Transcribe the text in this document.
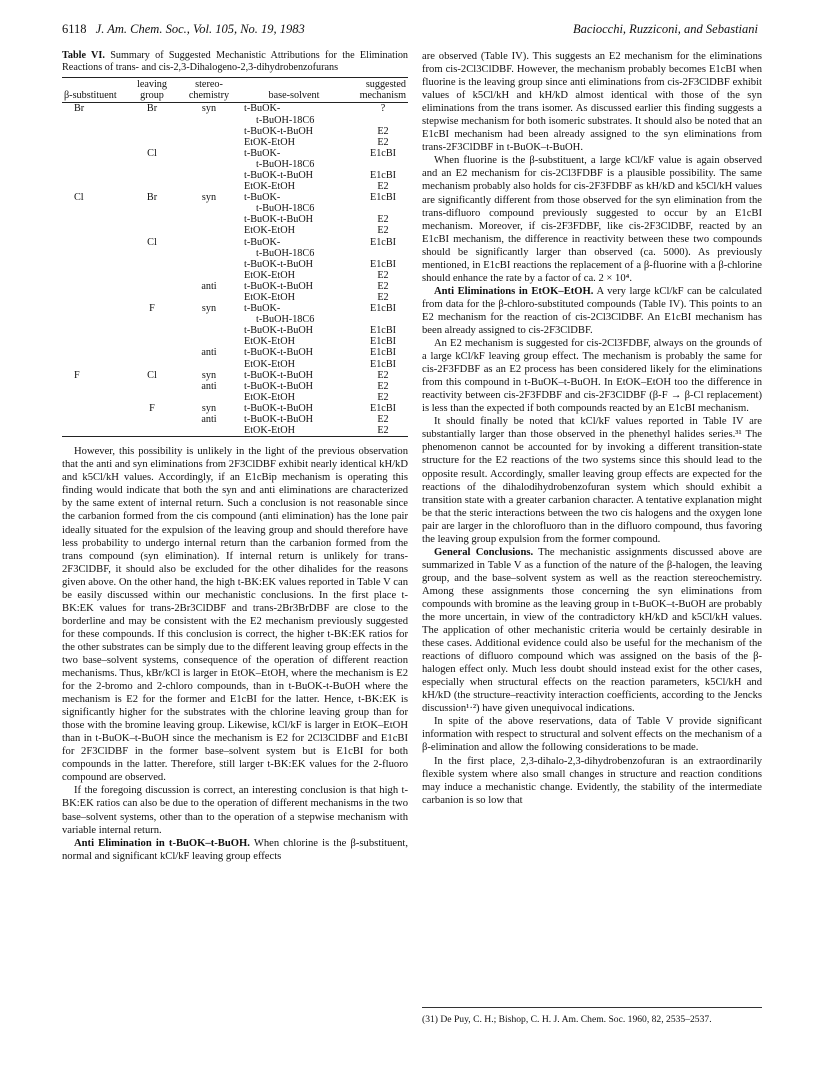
6118 J. Am. Chem. Soc., Vol. 105, No. 19, 1983	Baciocchi, Ruzziconi, and Sebastiani
Table VI. Summary of Suggested Mechanistic Attributions for the Elimination Reactions of trans- and cis-2,3-Dihalogeno-2,3-dihydrobenzofurans
β-substituent	leaving group	stereo-chemistry	base-solvent	suggested mechanism
Br	Br	syn	t-BuOK-	?
			t-BuOH-18C6	
			t-BuOK-t-BuOH	E2
			EtOK-EtOH	E2
	Cl		t-BuOK-	E1cBI
			t-BuOH-18C6	
			t-BuOK-t-BuOH	E1cBI
			EtOK-EtOH	E2
Cl	Br	syn	t-BuOK-	E1cBI
			t-BuOH-18C6	
			t-BuOK-t-BuOH	E2
			EtOK-EtOH	E2
	Cl		t-BuOK-	E1cBI
			t-BuOH-18C6	
			t-BuOK-t-BuOH	E1cBI
			EtOK-EtOH	E2
		anti	t-BuOK-t-BuOH	E2
			EtOK-EtOH	E2
	F	syn	t-BuOK-	E1cBI
			t-BuOH-18C6	
			t-BuOK-t-BuOH	E1cBI
			EtOK-EtOH	E1cBI
		anti	t-BuOK-t-BuOH	E1cBI
			EtOK-EtOH	E1cBI
F	Cl	syn	t-BuOK-t-BuOH	E2
		anti	t-BuOK-t-BuOH	E2
			EtOK-EtOH	E2
	F	syn	t-BuOK-t-BuOH	E1cBI
		anti	t-BuOK-t-BuOH	E2
			EtOK-EtOH	E2

However, this possibility is unlikely in the light of the previous observation that the anti and syn eliminations from 2F3ClDBF exhibit nearly identical kH/kD and k5Cl/kH values. Accordingly, if an E1cBip mechanism is operating this finding would indicate that both the syn and anti eliminations are characterized by the same extent of internal return. Such a conclusion is not reasonable since the carbanion formed from the cis compound (anti elimination) has the lone pair ideally situated for the expulsion of the leaving group and should therefore have less probability to undergo internal return than the carbanion formed from the trans compound (syn elimination). If internal return is unlikely for trans-2F3ClDBF, it should also be excluded for the other dihalides for the reasons given above. On the other hand, the high t-BK:EK values reported in Table V can be easily discussed within our mechanistic conclusions. In the first place t-BK:EK values for trans-2Br3ClDBF and trans-2Br3BrDBF are close to the borderline and may be consistent with the E2 mechanism previously suggested for these compounds. If this conclusion is correct, the higher t-BK:EK ratios for the other substrates can be simply due to the different leaving group effects in the two base–solvent systems, consequence of the operation of different reaction mechanisms. Thus, kBr/kCl is larger in EtOK–EtOH, where the mechanism is E2 for the 2-bromo and 2-chloro compounds, than in t-BuOK-t-BuOH where the mechanism is E2 for the former and E1cBI for the latter. Hence, t-BK:EK is significantly higher for the substrates with the chlorine leaving group than for those with the bromine leaving group. Likewise, kCl/kF is larger in EtOK–EtOH than in t-BuOK–t-BuOH since the mechanism is E2 for 2Cl3ClDBF and E1cBI for 2F3ClDBF in the former base–solvent system but is E1cBI for both compounds in the latter. Therefore, still larger t-BK:EK values for the 2-fluoro compound are observed.

If the foregoing discussion is correct, an interesting conclusion is that high t-BK:EK ratios can also be due to the operation of different mechanisms in the two base–solvent systems, other than to the operation of a stepwise mechanism with variable internal return.

Anti Elimination in t-BuOK–t-BuOH. When chlorine is the β-substituent, normal and significant kCl/kF leaving group effects

are observed (Table IV). This suggests an E2 mechanism for the eliminations from cis-2Cl3ClDBF. However, the mechanism probably becomes E1cBI when fluorine is the leaving group since anti eliminations from cis-2F3ClDBF exhibit values of k5Cl/kH and kH/kD almost identical with those of the syn eliminations from the trans isomer. As discussed earlier this finding suggests a stepwise mechanism for both isomeric substrates. It should also be noted that an E1cBI mechanism had been already assigned to the syn eliminations from trans-2F3ClDBF in t-BuOK–t-BuOH.

When fluorine is the β-substituent, a large kCl/kF value is again observed and an E2 mechanism for cis-2Cl3FDBF is a plausible possibility. The same mechanism probably also holds for cis-2F3FDBF as kH/kD and k5Cl/kH values are significantly different from those observed for the syn elimination from the trans-difluoro compound previously suggested to occur by an E1cBI mechanism. Moreover, if cis-2F3FDBF, like cis-2F3ClDBF, reacted by an E1cBI mechanism, the difference in reactivity between these two compounds should be significantly larger than observed (ca. 5000). As previously mentioned, in E1cBI reactions the replacement of a β-fluorine with a β-chlorine should enhance the rate by a factor of ca. 2 × 10⁴.

Anti Eliminations in EtOK–EtOH. A very large kCl/kF can be calculated from data for the β-chloro-substituted compounds (Table IV). This points to an E2 mechanism for the reaction of cis-2Cl3ClDBF. An E1cBI mechanism has been already assigned to cis-2F3ClDBF.

An E2 mechanism is suggested for cis-2Cl3FDBF, always on the grounds of a large kCl/kF leaving group effect. The mechanism is probably the same for cis-2F3FDBF as an E2 process has been considered likely for the eliminations from this compound in t-BuOK–t-BuOH. In EtOK–EtOH too the difference in reactivity between cis-2F3FDBF and cis-2F3ClDBF (β-F → β-Cl replacement) is less than the expected if both compounds reacted by an E1cBI mechanism.

It should finally be noted that kCl/kF values reported in Table IV are substantially larger than those observed in the phenethyl halides series.³¹ The phenomenon cannot be accounted for by invoking a different transition-state structure for the E2 reactions of the two systems since this should lead to the opposite result. Accordingly, smaller leaving group effects are expected for the reactions of the dihalodihydrobenzofuran system which should exhibit a transition state with a greater carbanion character. A tentative explanation might be that the steric interactions between the two cis halogens and the oxygen lone pair are larger in the chlorofluoro than in the difluoro compound, thus favoring the leaving group expulsion from the former compound.

General Conclusions. The mechanistic assignments discussed above are summarized in Table V as a function of the nature of the β-halogen, the leaving group, and the base–solvent system as well as the reaction stereochemistry. Among these assignments those concerning the syn eliminations from compounds with bromine as the leaving group in t-BuOK–t-BuOH are probably the more uncertain, in view of the contradictory kH/kD and k5Cl/kH values. The application of other mechanistic criteria would be certainly desirable in these cases. Additional evidence could also be useful for the mechanism of the reactions of difluoro compound which was assigned on the basis of the β-halogen effect only. Much less doubt should instead exist for the other cases, especially when structural effects on the reaction parameters, k5Cl/kH and kH/kD (the structure–reactivity interaction coefficients, according to the Jencks discussion¹·²) have given unequivocal indications.

In spite of the above reservations, data of Table V provide significant information with respect to structural and solvent effects on the mechanism of a β-elimination and allow the following considerations to be made.

In the first place, 2,3-dihalo-2,3-dihydrobenzofuran is an extraordinarily flexible system where also small changes in structure and reaction conditions may induce a mechanistic change. Evidently, the stability of the intermediate carbanion is so low that

(31) De Puy, C. H.; Bishop, C. H. J. Am. Chem. Soc. 1960, 82, 2535–2537.
